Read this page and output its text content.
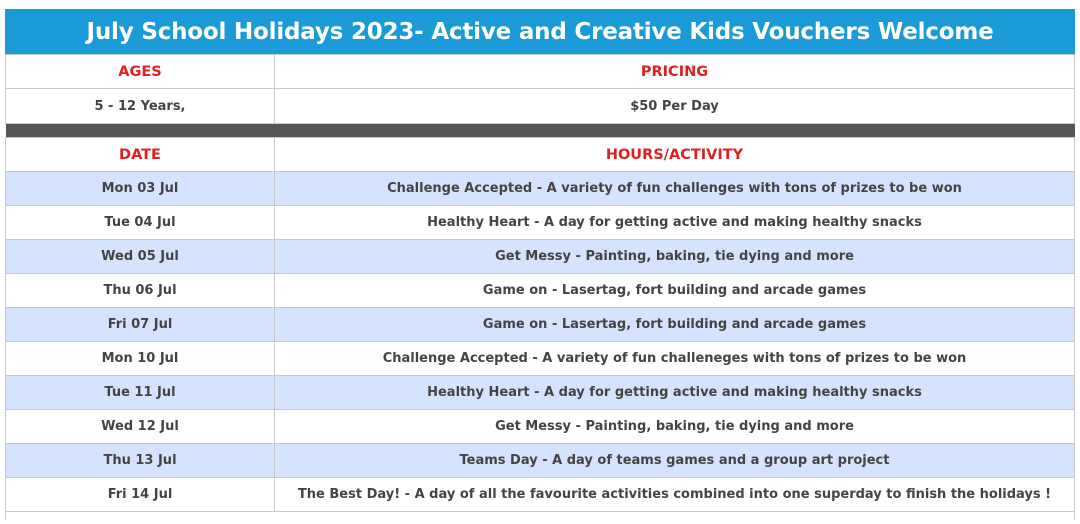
July School Holidays 2023- Active and Creative Kids Vouchers Welcome
AGES	PRICING
5 - 12 Years,	$50 Per Day

DATE	HOURS/ACTIVITY
Mon 03 Jul	Challenge Accepted - A variety of fun challenges with tons of prizes to be won
Tue 04 Jul	Healthy Heart - A day for getting active and making healthy snacks
Wed 05 Jul	Get Messy - Painting, baking, tie dying and more
Thu 06 Jul	Game on - Lasertag, fort building and arcade games
Fri 07 Jul	Game on - Lasertag, fort building and arcade games
Mon 10 Jul	Challenge Accepted - A variety of fun challeneges with tons of prizes to be won
Tue 11 Jul	Healthy Heart - A day for getting active and making healthy snacks
Wed 12 Jul	Get Messy - Painting, baking, tie dying and more
Thu 13 Jul	Teams Day - A day of teams games and a group art project
Fri 14 Jul	The Best Day! - A day of all the favourite activities combined into one superday to finish the holidays !
